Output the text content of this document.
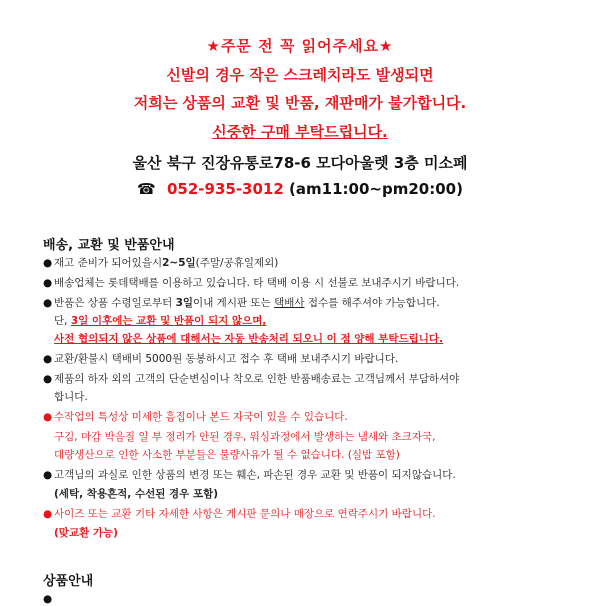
★주문 전 꼭 읽어주세요★
신발의 경우 작은 스크레치라도 발생되면
저희는 상품의 교환 및 반품, 재판매가 불가합니다.
신중한 구매 부탁드립니다.
울산 북구 진장유통로78-6 모다아울렛 3층 미소페
☎ 052-935-3012 (am11:00~pm20:00)
배송, 교환 및 반품안내
● 재고 준비가 되어있을시2~5일(주말/공휴일제외)
● 배송업체는 롯데택배를 이용하고 있습니다. 타 택배 이용 시 선불로 보내주시기 바랍니다.
● 반품은 상품 수령일로부터 3일이내 게시판 또는 택배사 접수를 해주셔야 가능합니다.
단, 3일 이후에는 교환 및 반품이 되지 않으며,
사전 협의되지 않은 상품에 대해서는 자동 반송처리 되오니 이 점 양해 부탁드립니다.
● 교환/환불시 택배비 5000원 동봉하시고 접수 후 택배 보내주시기 바랍니다.
● 제품의 하자 외의 고객의 단순변심이나 착오로 인한 반품배송료는 고객님께서 부담하셔야
합니다.
● 수작업의 특성상 미세한 흠집이나 본드 자국이 있을 수 있습니다.
구김, 마감 박음질 일 부 정리가 안된 경우, 워싱과정에서 발생하는 냄새와 초크자국,
대량생산으로 인한 사소한 부분들은 불량사유가 될 수 없습니다. (실밥 포함)
● 고객님의 과실로 인한 상품의 변경 또는 훼손, 파손된 경우 교환 및 반품이 되지않습니다.
(세탁, 착용흔적, 수선된 경우 포함)
● 사이즈 또는 교환 기타 자세한 사항은 게시판 문의나 매장으로 연락주시기 바랍니다.
(맞교환 가능)
상품안내
●
